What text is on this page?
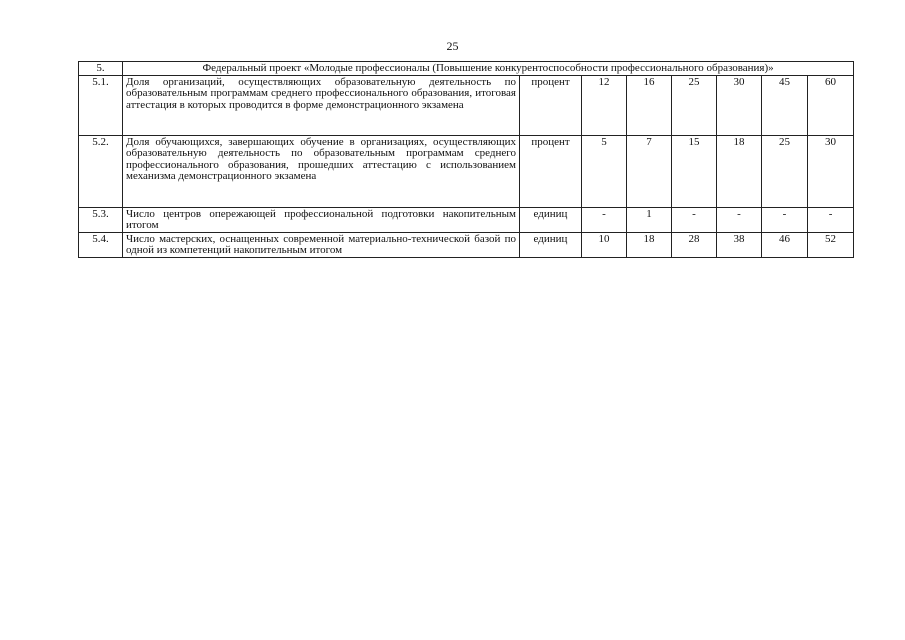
25
5.	Федеральный проект «Молодые профессионалы (Повышение конкурентоспособности профессионального образования)»							
5.1.	Доля организаций, осуществляющих образовательную деятельность по образовательным программам среднего профессионального образования, итоговая аттестация в которых проводится в форме демонстрационного экзамена	процент	12	16	25	30	45	60
5.2.	Доля обучающихся, завершающих обучение в организациях, осуществляющих образовательную деятельность по образовательным программам среднего профессионального образования, прошедших аттестацию с использованием механизма демонстрационного экзамена	процент	5	7	15	18	25	30
5.3.	Число центров опережающей профессиональной подготовки накопительным итогом	единиц	-	1	-	-	-	-
5.4.	Число мастерских, оснащенных современной материально-технической базой по одной из компетенций накопительным итогом	единиц	10	18	28	38	46	52
